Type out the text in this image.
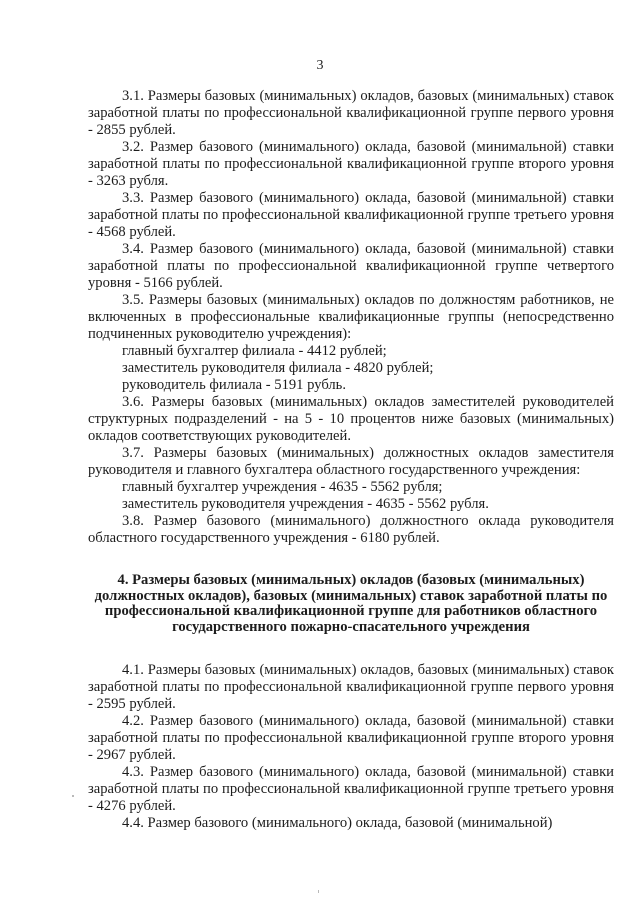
3

3.1. Размеры базовых (минимальных) окладов, базовых (минимальных) ставок заработной платы по профессиональной квалификационной группе первого уровня - 2855 рублей.

3.2. Размер базового (минимального) оклада, базовой (минимальной) ставки заработной платы по профессиональной квалификационной группе второго уровня - 3263 рубля.

3.3. Размер базового (минимального) оклада, базовой (минимальной) ставки заработной платы по профессиональной квалификационной группе третьего уровня - 4568 рублей.

3.4. Размер базового (минимального) оклада, базовой (минимальной) ставки заработной платы по профессиональной квалификационной группе четвертого уровня - 5166 рублей.

3.5. Размеры базовых (минимальных) окладов по должностям работников, не включенных в профессиональные квалификационные группы (непосредственно подчиненных руководителю учреждения):

главный бухгалтер филиала - 4412 рублей;

заместитель руководителя филиала - 4820 рублей;

руководитель филиала - 5191 рубль.

3.6. Размеры базовых (минимальных) окладов заместителей руководителей структурных подразделений - на 5 - 10 процентов ниже базовых (минимальных) окладов соответствующих руководителей.

3.7. Размеры базовых (минимальных) должностных окладов заместителя руководителя и главного бухгалтера областного государственного учреждения:

главный бухгалтер учреждения - 4635 - 5562 рубля;

заместитель руководителя учреждения - 4635 - 5562 рубля.

3.8. Размер базового (минимального) должностного оклада руководителя областного государственного учреждения - 6180 рублей.

4. Размеры базовых (минимальных) окладов (базовых (минимальных) должностных окладов), базовых (минимальных) ставок заработной платы по профессиональной квалификационной группе для работников областного государственного пожарно-спасательного учреждения

4.1. Размеры базовых (минимальных) окладов, базовых (минимальных) ставок заработной платы по профессиональной квалификационной группе первого уровня - 2595 рублей.

4.2. Размер базового (минимального) оклада, базовой (минимальной) ставки заработной платы по профессиональной квалификационной группе второго уровня - 2967 рублей.

4.3. Размер базового (минимального) оклада, базовой (минимальной) ставки заработной платы по профессиональной квалификационной группе третьего уровня - 4276 рублей.

4.4. Размер базового (минимального) оклада, базовой (минимальной)
